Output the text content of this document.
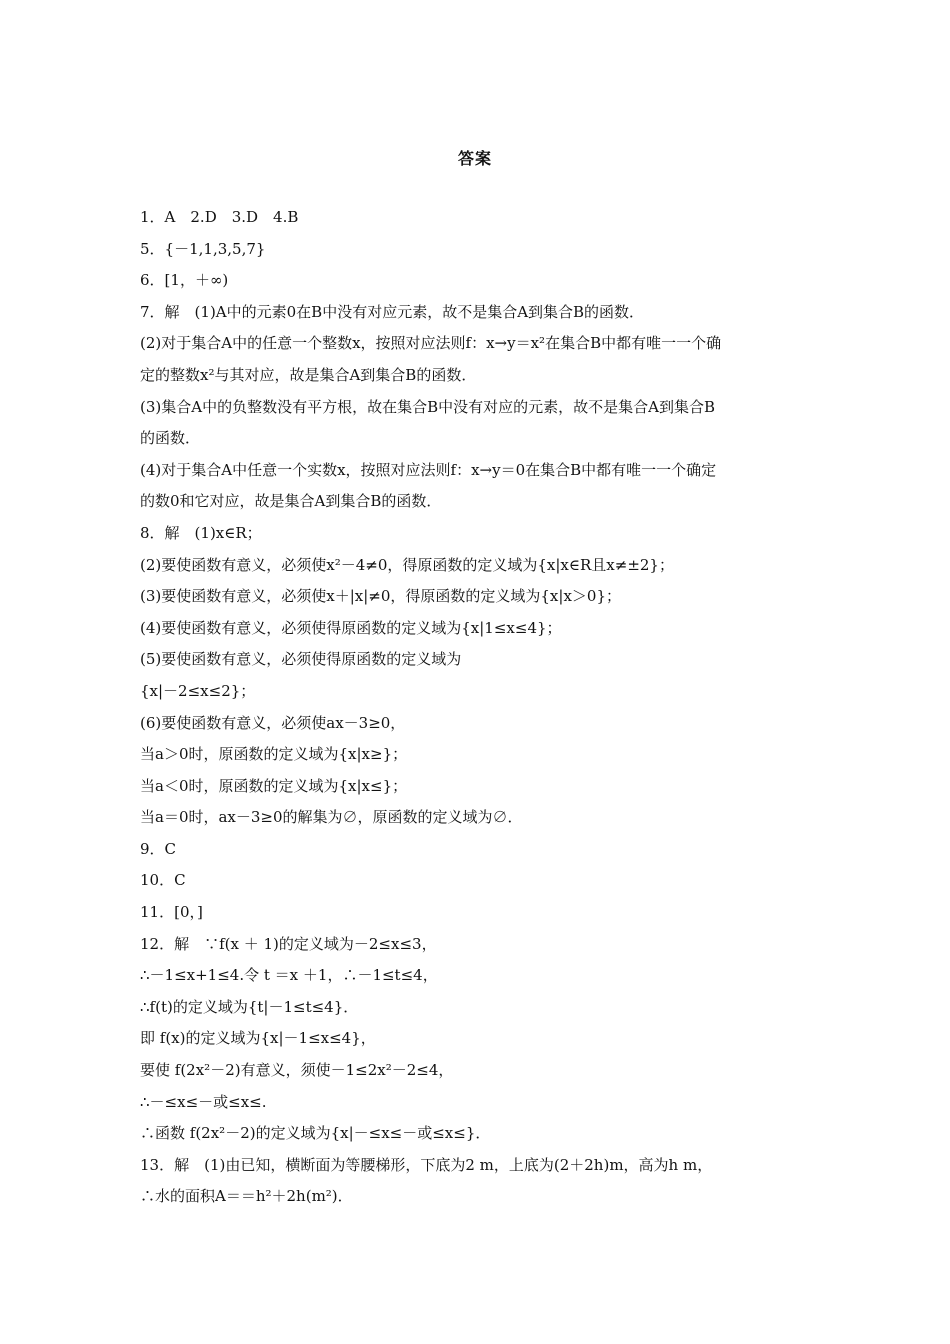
答案
1．A　2.D　3.D　4.B
5．{－1,1,3,5,7}
6．[1，＋∞)
7．解　(1)A中的元素0在B中没有对应元素，故不是集合A到集合B的函数．
(2)对于集合A中的任意一个整数x，按照对应法则f：x→y＝x²在集合B中都有唯一一个确
定的整数x²与其对应，故是集合A到集合B的函数．
(3)集合A中的负整数没有平方根，故在集合B中没有对应的元素，故不是集合A到集合B
的函数．
(4)对于集合A中任意一个实数x，按照对应法则f：x→y＝0在集合B中都有唯一一个确定
的数0和它对应，故是集合A到集合B的函数．
8．解　(1)x∈R；
(2)要使函数有意义，必须使x²－4≠0，得原函数的定义域为{x|x∈R且x≠±2}；
(3)要使函数有意义，必须使x＋|x|≠0，得原函数的定义域为{x|x＞0}；
(4)要使函数有意义，必须使得原函数的定义域为{x|1≤x≤4}；
(5)要使函数有意义，必须使得原函数的定义域为
{x|－2≤x≤2}；
(6)要使函数有意义，必须使ax－3≥0，
当a＞0时，原函数的定义域为{x|x≥}；
当a＜0时，原函数的定义域为{x|x≤}；
当a＝0时，ax－3≥0的解集为∅，原函数的定义域为∅．
9．C
10．C
11．[0，]
12．解　∵f(x ＋ 1)的定义域为－2≤x≤3，
∴－1≤x+1≤4.令 t ＝x ＋1，∴－1≤t≤4，
∴f(t)的定义域为{t|－1≤t≤4}．
即 f(x)的定义域为{x|－1≤x≤4}，
要使 f(2x²－2)有意义，须使－1≤2x²－2≤4，
∴－≤x≤－或≤x≤.
∴函数 f(2x²－2)的定义域为{x|－≤x≤－或≤x≤}．
13．解　(1)由已知，横断面为等腰梯形，下底为2 m，上底为(2＋2h)m，高为h m，
∴水的面积A＝＝h²＋2h(m²)．
